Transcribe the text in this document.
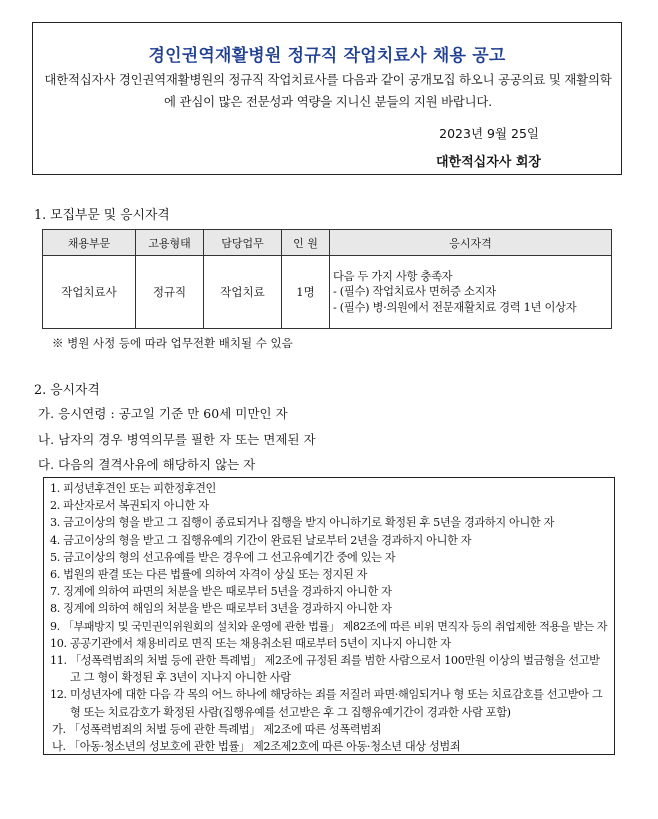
경인권역재활병원 정규직 작업치료사 채용 공고
대한적십자사 경인권역재활병원의 정규직 작업치료사를 다음과 같이 공개모집 하오니 공공의료 및 재활의학에 관심이 많은 전문성과 역량을 지니신 분들의 지원 바랍니다.
2023년 9월 25일
대한적십자사 회장
1. 모집부문 및 응시자격
채용부문	고용형태	담당업무	인 원	응시자격
작업치료사	정규직	작업치료	1명	다음 두 가지 사항 충족자
- (필수) 작업치료사 면허증 소지자
- (필수) 병·의원에서 전문재활치료 경력 1년 이상자
※ 병원 사정 등에 따라 업무전환 배치될 수 있음
2. 응시자격
가. 응시연령 : 공고일 기준 만 60세 미만인 자
나. 남자의 경우 병역의무를 필한 자 또는 면제된 자
다. 다음의 결격사유에 해당하지 않는 자
1. 피성년후견인 또는 피한정후견인
2. 파산자로서 복권되지 아니한 자
3. 금고이상의 형을 받고 그 집행이 종료되거나 집행을 받지 아니하기로 확정된 후 5년을 경과하지 아니한 자
4. 금고이상의 형을 받고 그 집행유예의 기간이 완료된 날로부터 2년을 경과하지 아니한 자
5. 금고이상의 형의 선고유예를 받은 경우에 그 선고유예기간 중에 있는 자
6. 법원의 판결 또는 다른 법률에 의하여 자격이 상실 또는 정지된 자
7. 징계에 의하여 파면의 처분을 받은 때로부터 5년을 경과하지 아니한 자
8. 징계에 의하여 해임의 처분을 받은 때로부터 3년을 경과하지 아니한 자
9. 「부패방지 및 국민권익위원회의 설치와 운영에 관한 법률」 제82조에 따른 비위 면직자 등의 취업제한 적용을 받는 자
10. 공공기관에서 채용비리로 면직 또는 채용취소된 때로부터 5년이 지나지 아니한 자
11. 「성폭력범죄의 처벌 등에 관한 특례법」 제2조에 규정된 죄를 범한 사람으로서 100만원 이상의 벌금형을 선고받고 그 형이 확정된 후 3년이 지나지 아니한 사람
12. 미성년자에 대한 다음 각 목의 어느 하나에 해당하는 죄를 저질러 파면·해임되거나 형 또는 치료감호를 선고받아 그 형 또는 치료감호가 확정된 사람(집행유예를 선고받은 후 그 집행유예기간이 경과한 사람 포함)
가. 「성폭력범죄의 처벌 등에 관한 특례법」 제2조에 따른 성폭력범죄
나. 「아동·청소년의 성보호에 관한 법률」 제2조제2호에 따른 아동·청소년 대상 성범죄
